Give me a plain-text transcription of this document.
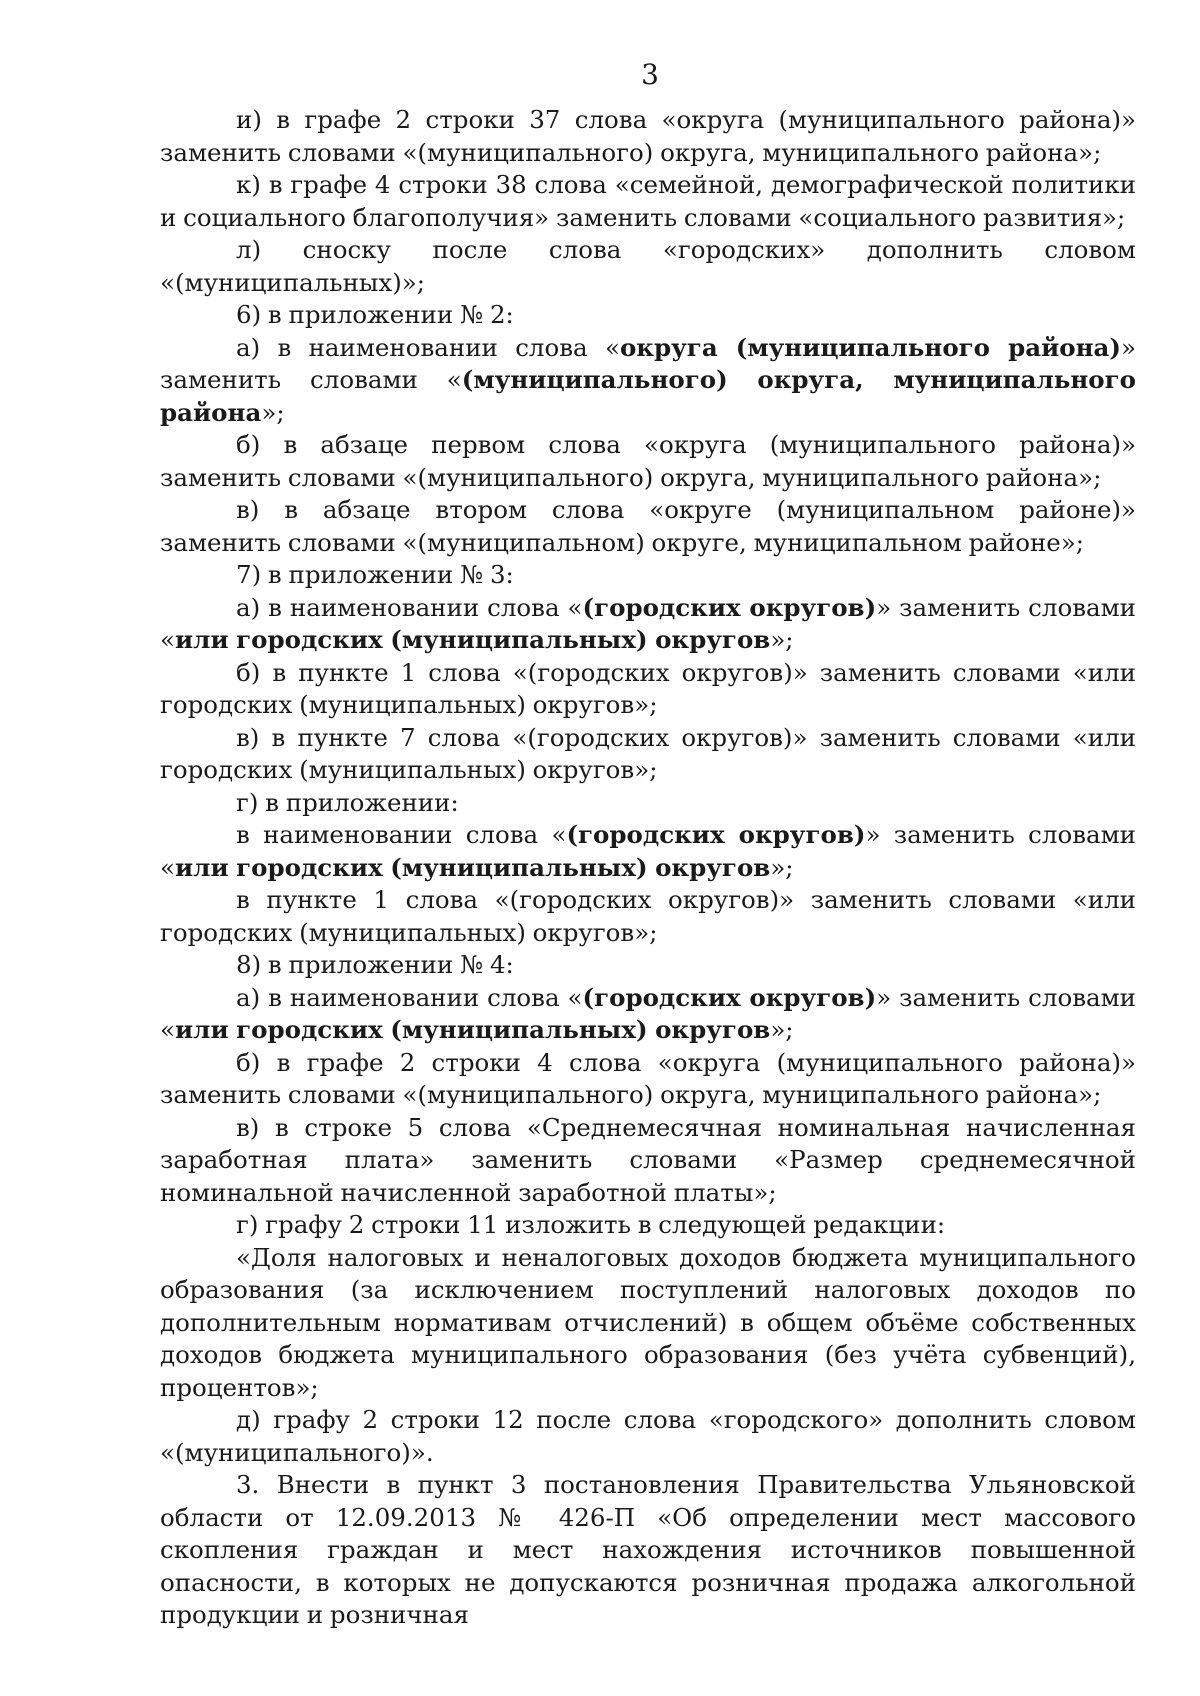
3

и) в графе 2 строки 37 слова «округа (муниципального района)» заменить словами «(муниципального) округа, муниципального района»;

к) в графе 4 строки 38 слова «семейной, демографической политики и социального благополучия» заменить словами «социального развития»;

л) сноску после слова «городских» дополнить словом «(муниципальных)»;

6) в приложении № 2:

а) в наименовании слова «округа (муниципального района)» заменить словами «(муниципального) округа, муниципального района»;

б) в абзаце первом слова «округа (муниципального района)» заменить словами «(муниципального) округа, муниципального района»;

в) в абзаце втором слова «округе (муниципальном районе)» заменить словами «(муниципальном) округе, муниципальном районе»;

7) в приложении № 3:

а) в наименовании слова «(городских округов)» заменить словами «или городских (муниципальных) округов»;

б) в пункте 1 слова «(городских округов)» заменить словами «или городских (муниципальных) округов»;

в) в пункте 7 слова «(городских округов)» заменить словами «или городских (муниципальных) округов»;

г) в приложении:

в наименовании слова «(городских округов)» заменить словами «или городских (муниципальных) округов»;

в пункте 1 слова «(городских округов)» заменить словами «или городских (муниципальных) округов»;

8) в приложении № 4:

а) в наименовании слова «(городских округов)» заменить словами «или городских (муниципальных) округов»;

б) в графе 2 строки 4 слова «округа (муниципального района)» заменить словами «(муниципального) округа, муниципального района»;

в) в строке 5 слова «Среднемесячная номинальная начисленная заработная плата» заменить словами «Размер среднемесячной номинальной начисленной заработной платы»;

г) графу 2 строки 11 изложить в следующей редакции:

«Доля налоговых и неналоговых доходов бюджета муниципального образования (за исключением поступлений налоговых доходов по дополнительным нормативам отчислений) в общем объёме собственных доходов бюджета муниципального образования (без учёта субвенций), процентов»;

д) графу 2 строки 12 после слова «городского» дополнить словом «(муниципального)».

3. Внести в пункт 3 постановления Правительства Ульяновской области от 12.09.2013 № 426-П «Об определении мест массового скопления граждан и мест нахождения источников повышенной опасности, в которых не допускаются розничная продажа алкогольной продукции и розничная
